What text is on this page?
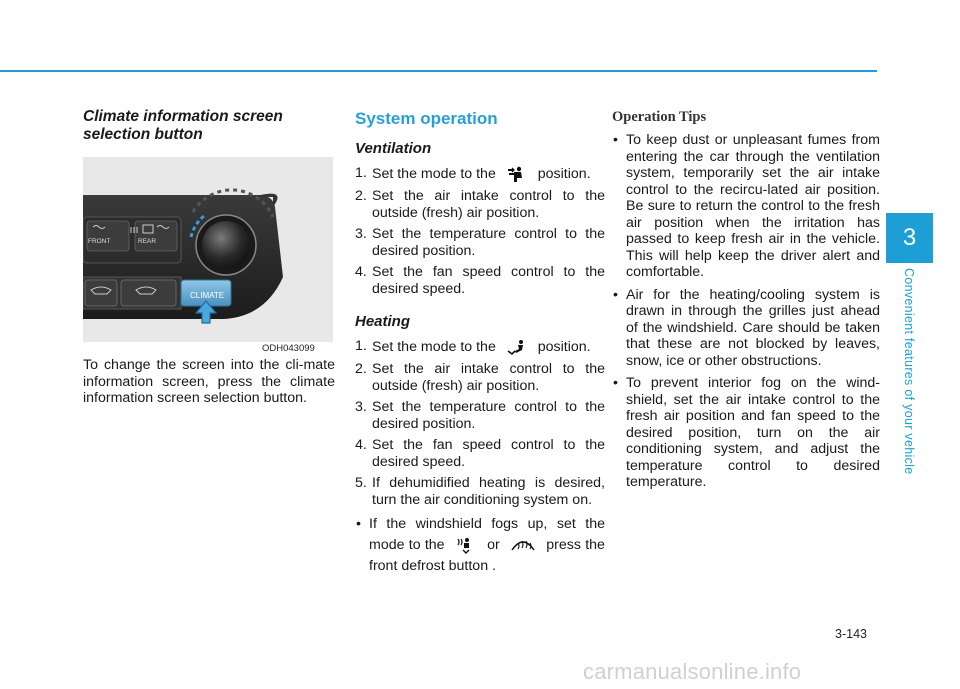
Climate information screen selection button
FRONT	REAR
CLIMATE
ODH043099

To change the screen into the cli-mate information screen, press the climate information screen selection button.

System operation
Ventilation
1. Set the mode to the	position.
2. Set the air intake control to the outside (fresh) air position.
3. Set the temperature control to the desired position.
4. Set the fan speed control to the desired speed.
Heating
1. Set the mode to the	position.
2. Set the air intake control to the outside (fresh) air position.
3. Set the temperature control to the desired position.
4. Set the fan speed control to the desired speed.
5. If dehumidified heating is desired, turn the air conditioning system on.
• If the windshield fogs up, set the mode to the	or	press the front defrost button .
Operation Tips
• To keep dust or unpleasant fumes from entering the car through the ventilation system, temporarily set the air intake control to the recircu-lated air position. Be sure to return the control to the fresh air position when the irritation has passed to keep fresh air in the vehicle. This will help keep the driver alert and comfortable.
• Air for the heating/cooling system is drawn in through the grilles just ahead of the windshield. Care should be taken that these are not blocked by leaves, snow, ice or other obstructions.
• To prevent interior fog on the wind-shield, set the air intake control to the fresh air position and fan speed to the desired position, turn on the air conditioning system, and adjust the temperature control to desired temperature.
3
Convenient features of your vehicle
3-143
carmanualsonline.info
